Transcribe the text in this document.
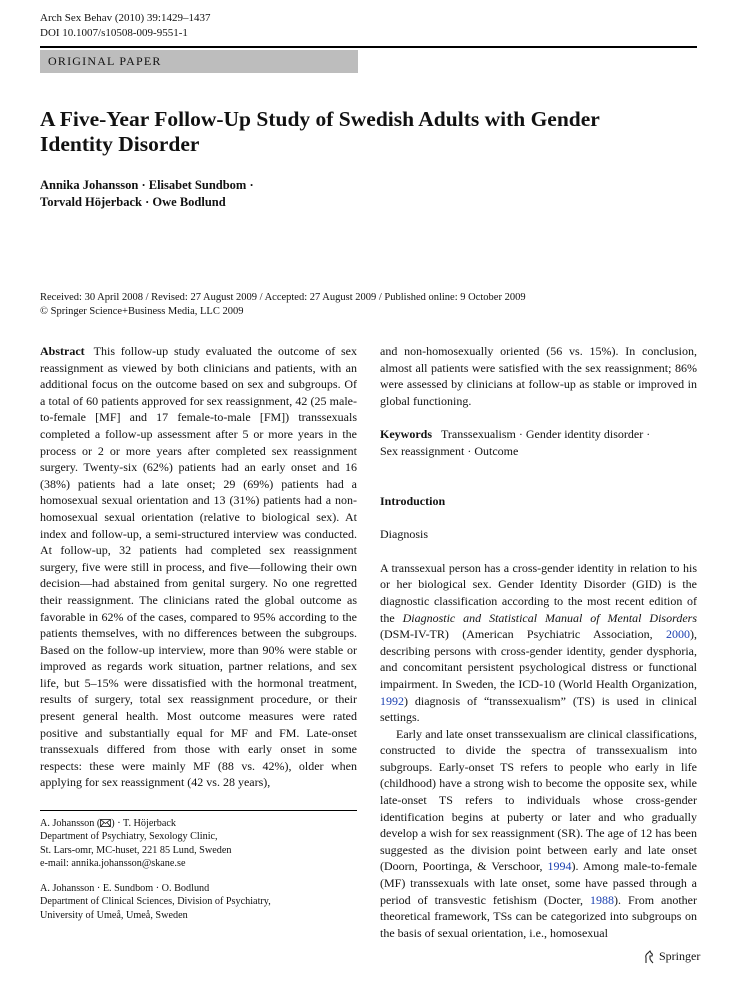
Arch Sex Behav (2010) 39:1429–1437
DOI 10.1007/s10508-009-9551-1
ORIGINAL PAPER
A Five-Year Follow-Up Study of Swedish Adults with Gender
Identity Disorder
Annika Johansson · Elisabet Sundbom ·
Torvald Höjerback · Owe Bodlund
Received: 30 April 2008 / Revised: 27 August 2009 / Accepted: 27 August 2009 / Published online: 9 October 2009
© Springer Science+Business Media, LLC 2009

Abstract This follow-up study evaluated the outcome of sex reassignment as viewed by both clinicians and patients, with an additional focus on the outcome based on sex and subgroups. Of a total of 60 patients approved for sex reassignment, 42 (25 male-to-female [MF] and 17 female-to-male [FM]) transsexuals completed a follow-up assessment after 5 or more years in the process or 2 or more years after completed sex reassignment surgery. Twenty-six (62%) patients had an early onset and 16 (38%) patients had a late onset; 29 (69%) patients had a homosexual sexual orientation and 13 (31%) patients had a non-homosexual sexual orientation (relative to biological sex). At index and follow-up, a semi-structured interview was conducted. At follow-up, 32 patients had completed sex reassignment surgery, five were still in process, and five—following their own decision—had abstained from genital surgery. No one regretted their reassignment. The clinicians rated the global outcome as favorable in 62% of the cases, compared to 95% according to the patients themselves, with no differences between the subgroups. Based on the follow-up interview, more than 90% were stable or improved as regards work situation, partner relations, and sex life, but 5–15% were dissatisfied with the hormonal treatment, results of surgery, total sex reassignment procedure, or their present general health. Most outcome measures were rated positive and substantially equal for MF and FM. Late-onset transsexuals differed from those with early onset in some respects: these were mainly MF (88 vs. 42%), older when applying for sex reassignment (42 vs. 28 years),

and non-homosexually oriented (56 vs. 15%). In conclusion, almost all patients were satisfied with the sex reassignment; 86% were assessed by clinicians at follow-up as stable or improved in global functioning.

Keywords Transsexualism · Gender identity disorder ·
Sex reassignment · Outcome

Introduction

Diagnosis

A transsexual person has a cross-gender identity in relation to his or her biological sex. Gender Identity Disorder (GID) is the diagnostic classification according to the most recent edition of the Diagnostic and Statistical Manual of Mental Disorders (DSM-IV-TR) (American Psychiatric Association, 2000), describing persons with cross-gender identity, gender dysphoria, and concomitant persistent psychological distress or functional impairment. In Sweden, the ICD-10 (World Health Organization, 1992) diagnosis of “transsexualism” (TS) is used in clinical settings.

Early and late onset transsexualism are clinical classifications, constructed to divide the spectra of transsexualism into subgroups. Early-onset TS refers to people who early in life (childhood) have a strong wish to become the opposite sex, while late-onset TS refers to individuals whose cross-gender identification begins at puberty or later and who gradually develop a wish for sex reassignment (SR). The age of 12 has been suggested as the division point between early and late onset (Doorn, Poortinga, & Verschoor, 1994). Among male-to-female (MF) transsexuals with late onset, some have passed through a period of transvestic fetishism (Docter, 1988). From another theoretical framework, TSs can be categorized into subgroups on the basis of sexual orientation, i.e., homosexual

A. Johansson ( ) · T. Höjerback
Department of Psychiatry, Sexology Clinic,
St. Lars-omr, MC-huset, 221 85 Lund, Sweden
e-mail: annika.johansson@skane.se
A. Johansson · E. Sundbom · O. Bodlund
Department of Clinical Sciences, Division of Psychiatry,
University of Umeå, Umeå, Sweden
Springer
